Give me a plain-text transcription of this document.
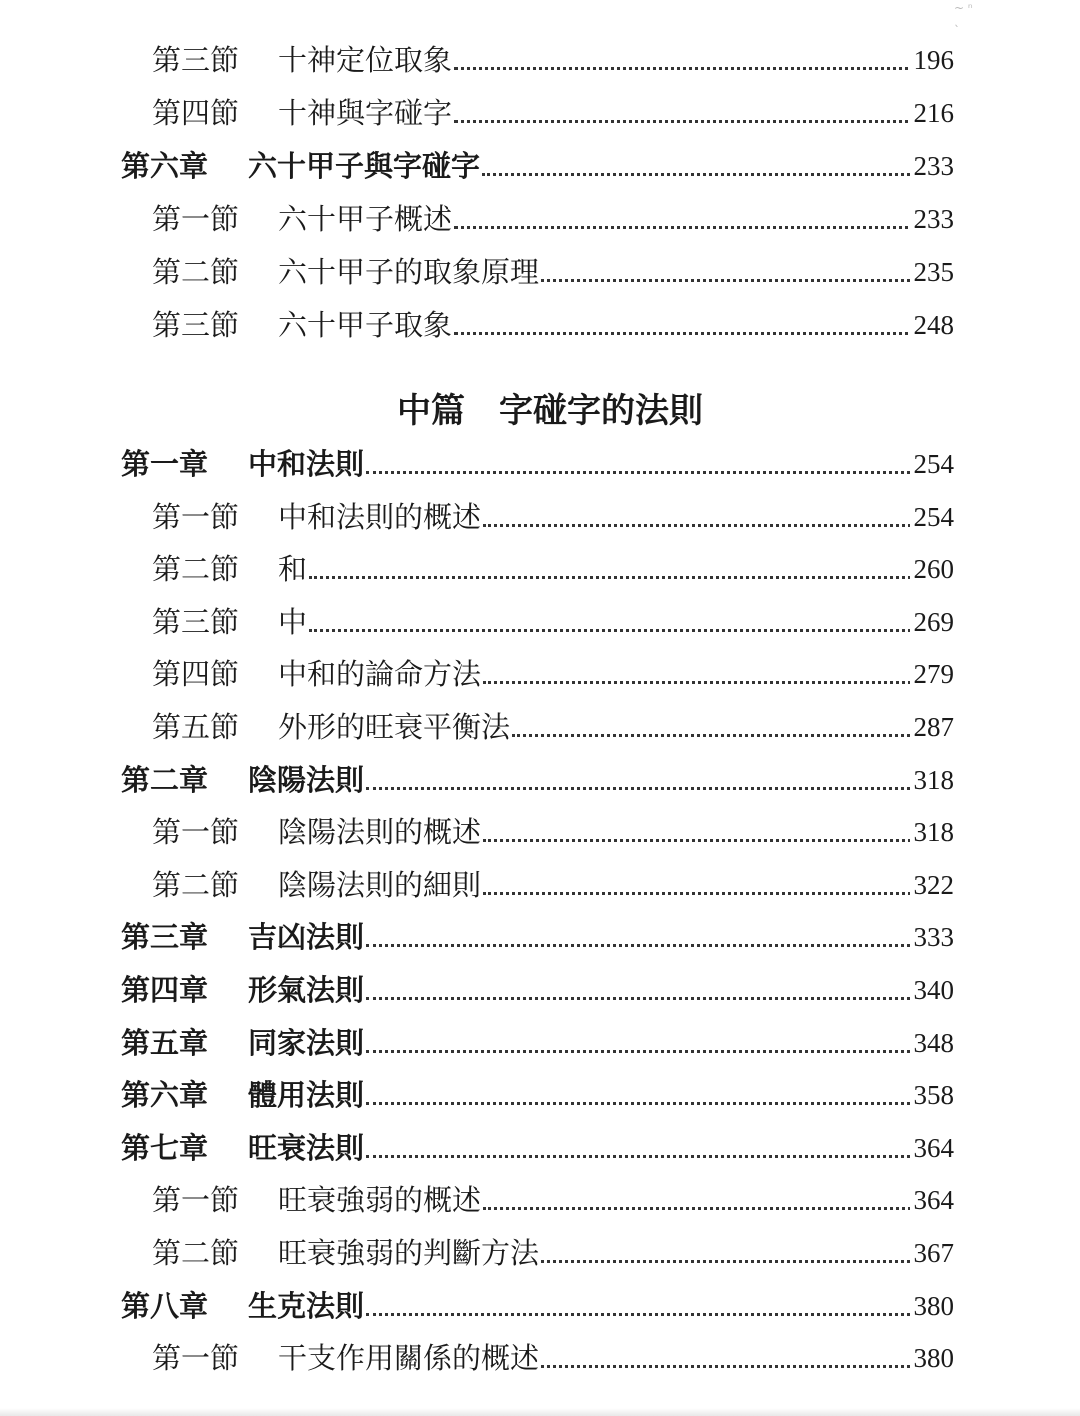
第三節 十神定位取象	196
第四節 十神與字碰字	216
第六章 六十甲子與字碰字	233
第一節 六十甲子概述	233
第二節 六十甲子的取象原理	235
第三節 六十甲子取象	248
中篇　字碰字的法則
第一章 中和法則	254
第一節 中和法則的概述	254
第二節 和	260
第三節 中	269
第四節 中和的論命方法	279
第五節 外形的旺衰平衡法	287
第二章 陰陽法則	318
第一節 陰陽法則的概述	318
第二節 陰陽法則的細則	322
第三章 吉凶法則	333
第四章 形氣法則	340
第五章 同家法則	348
第六章 體用法則	358
第七章 旺衰法則	364
第一節 旺衰強弱的概述	364
第二節 旺衰強弱的判斷方法	367
第八章 生克法則	380
第一節 干支作用關係的概述	380
~ ⁿ ˎ
